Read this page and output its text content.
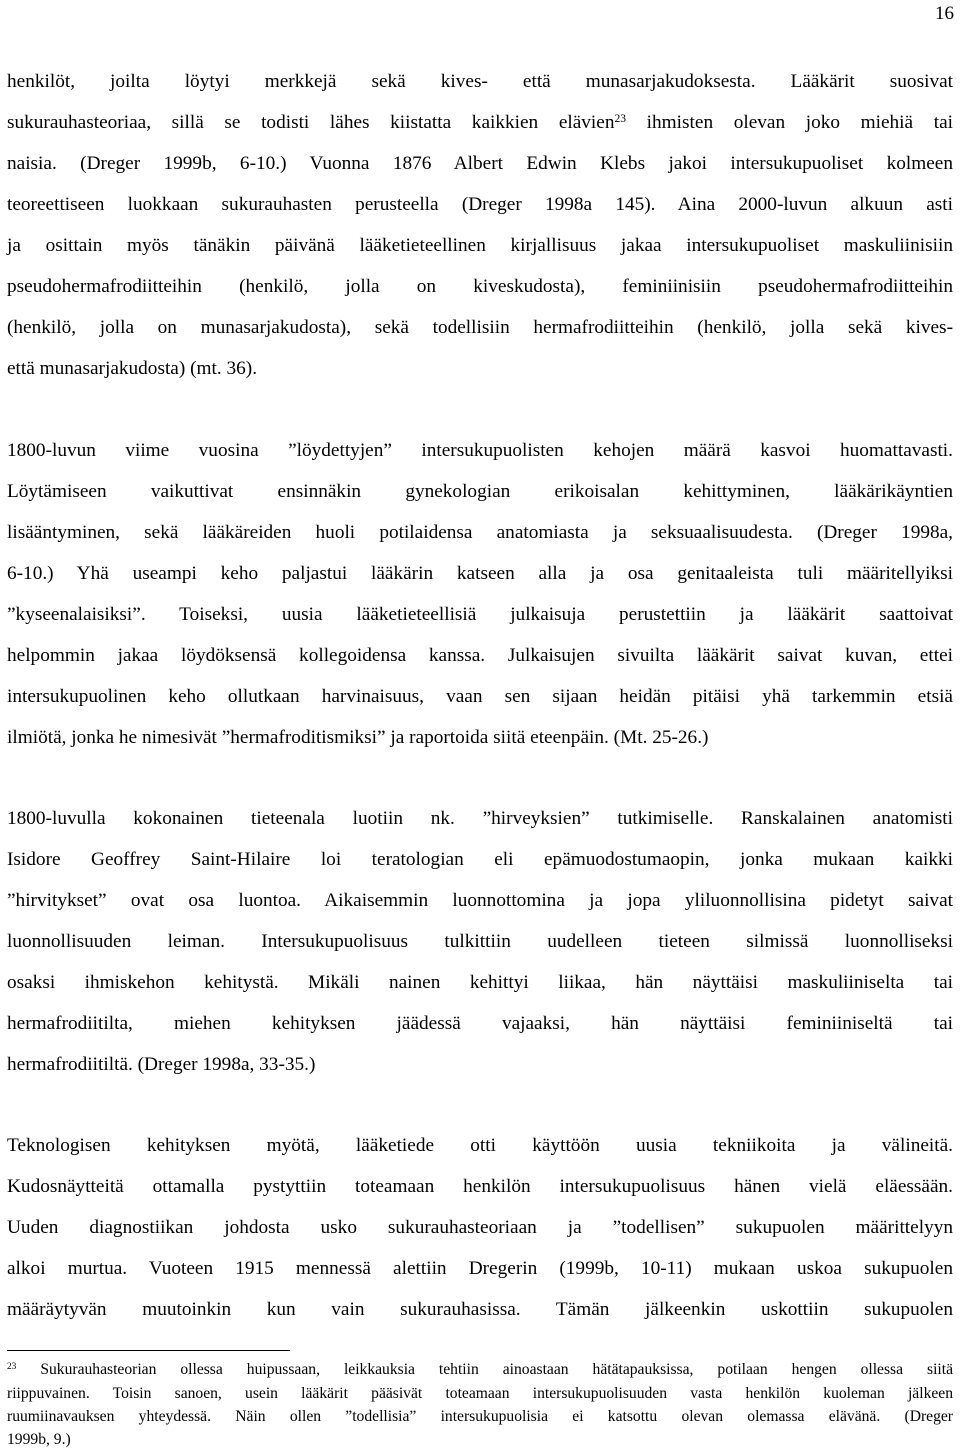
16
henkilöt, joilta löytyi merkkejä sekä kives- että munasarjakudoksesta. Lääkärit suosivat
sukurauhasteoriaa, sillä se todisti lähes kiistatta kaikkien elävien$^{23}$ ihmisten olevan joko miehiä tai
naisia. (Dreger 1999b, 6-10.) Vuonna 1876 Albert Edwin Klebs jakoi intersukupuoliset kolmeen
teoreettiseen luokkaan sukurauhasten perusteella (Dreger 1998a 145). Aina 2000-luvun alkuun asti
ja osittain myös tänäkin päivänä lääketieteellinen kirjallisuus jakaa intersukupuoliset maskuliinisiin
pseudohermafrodiitteihin (henkilö, jolla on kiveskudosta), feminiinisiin pseudohermafrodiitteihin
(henkilö, jolla on munasarjakudosta), sekä todellisiin hermafrodiitteihin (henkilö, jolla sekä kives-
että munasarjakudosta) (mt. 36).
1800-luvun viime vuosina ”löydettyjen” intersukupuolisten kehojen määrä kasvoi huomattavasti.
Löytämiseen vaikuttivat ensinnäkin gynekologian erikoisalan kehittyminen, lääkärikäyntien
lisääntyminen, sekä lääkäreiden huoli potilaidensa anatomiasta ja seksuaalisuudesta. (Dreger 1998a,
6-10.) Yhä useampi keho paljastui lääkärin katseen alla ja osa genitaaleista tuli määritellyiksi
”kyseenalaisiksi”. Toiseksi, uusia lääketieteellisiä julkaisuja perustettiin ja lääkärit saattoivat
helpommin jakaa löydöksensä kollegoidensa kanssa. Julkaisujen sivuilta lääkärit saivat kuvan, ettei
intersukupuolinen keho ollutkaan harvinaisuus, vaan sen sijaan heidän pitäisi yhä tarkemmin etsiä
ilmiötä, jonka he nimesivät ”hermafroditismiksi” ja raportoida siitä eteenpäin. (Mt. 25-26.)
1800-luvulla kokonainen tieteenala luotiin nk. ”hirveyksien” tutkimiselle. Ranskalainen anatomisti
Isidore Geoffrey Saint-Hilaire loi teratologian eli epämuodostumaopin, jonka mukaan kaikki
”hirvitykset” ovat osa luontoa. Aikaisemmin luonnottomina ja jopa yliluonnollisina pidetyt saivat
luonnollisuuden leiman. Intersukupuolisuus tulkittiin uudelleen tieteen silmissä luonnolliseksi
osaksi ihmiskehon kehitystä. Mikäli nainen kehittyi liikaa, hän näyttäisi maskuliiniselta tai
hermafrodiitilta, miehen kehityksen jäädessä vajaaksi, hän näyttäisi feminiiniseltä tai
hermafrodiitiltä. (Dreger 1998a, 33-35.)
Teknologisen kehityksen myötä, lääketiede otti käyttöön uusia tekniikoita ja välineitä.
Kudosnäytteitä ottamalla pystyttiin toteamaan henkilön intersukupuolisuus hänen vielä eläessään.
Uuden diagnostiikan johdosta usko sukurauhasteoriaan ja ”todellisen” sukupuolen määrittelyyn
alkoi murtua. Vuoteen 1915 mennessä alettiin Dregerin (1999b, 10-11) mukaan uskoa sukupuolen
määräytyvän muutoinkin kun vain sukurauhasissa. Tämän jälkeenkin uskottiin sukupuolen
$^{23}$ Sukurauhasteorian ollessa huipussaan, leikkauksia tehtiin ainoastaan hätätapauksissa, potilaan hengen ollessa siitä
riippuvainen. Toisin sanoen, usein lääkärit pääsivät toteamaan intersukupuolisuuden vasta henkilön kuoleman jälkeen
ruumiinavauksen yhteydessä. Näin ollen ”todellisia” intersukupuolisia ei katsottu olevan olemassa elävänä. (Dreger
1999b, 9.)
